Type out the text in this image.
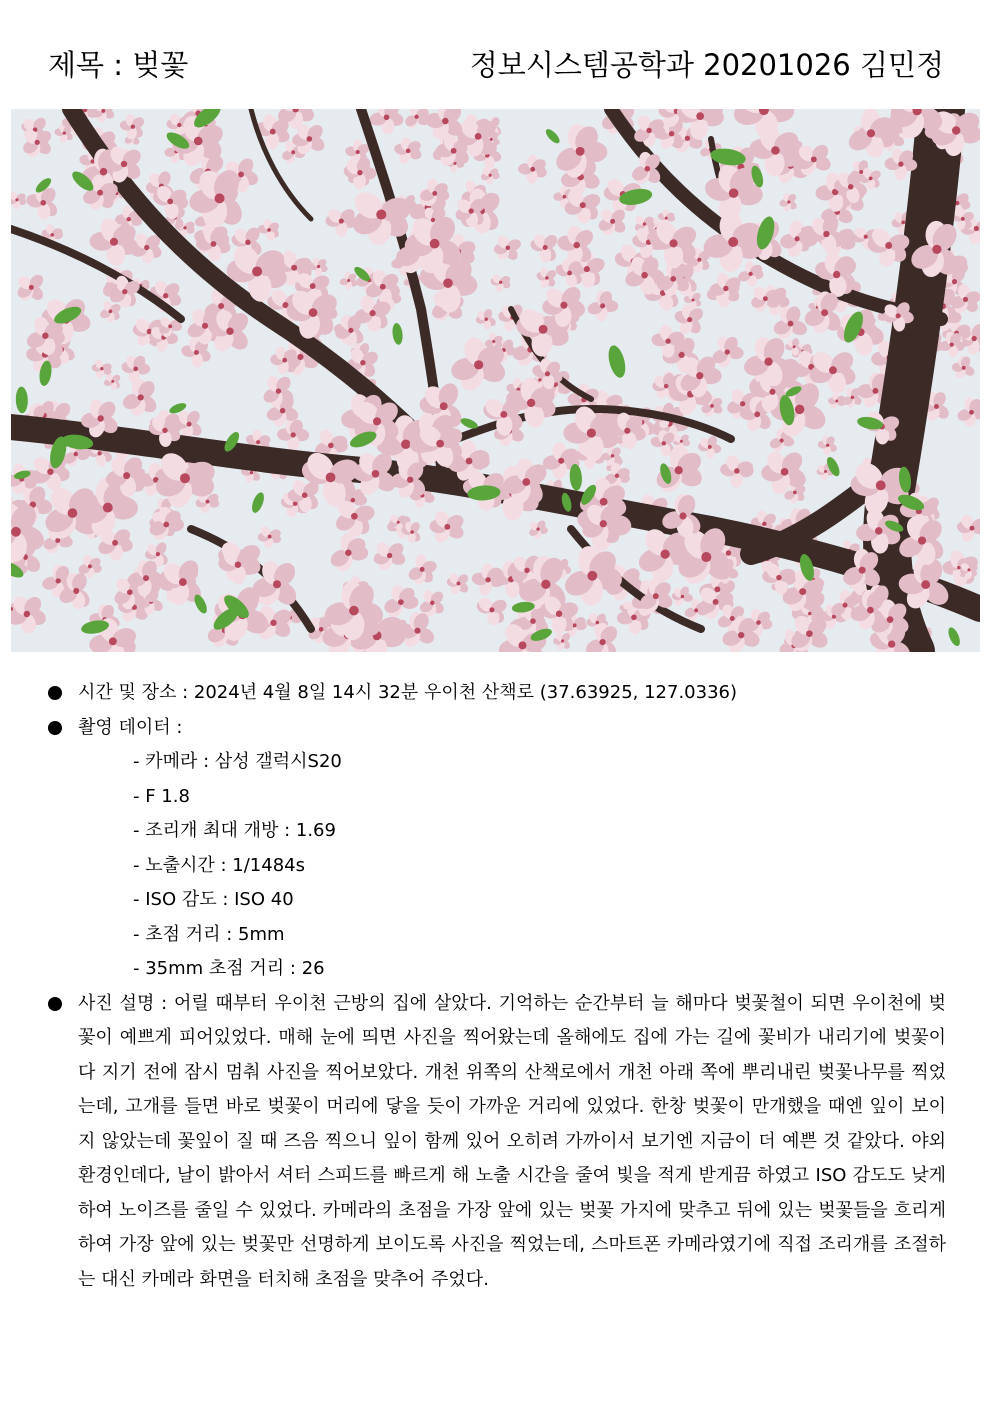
제목 : 벚꽃	정보시스템공학과 20201026 김민정
시간 및 장소 : 2024년 4월 8일 14시 32분 우이천 산책로 (37.63925, 127.0336)
촬영 데이터 :
- 카메라 : 삼성 갤럭시S20
- F 1.8
- 조리개 최대 개방 : 1.69
- 노출시간 : 1/1484s
- ISO 감도 : ISO 40
- 초점 거리 : 5mm
- 35mm 초점 거리 : 26
사진 설명 : 어릴 때부터 우이천 근방의 집에 살았다. 기억하는 순간부터 늘 해마다 벚꽃철이 되면 우이천에 벚꽃이 예쁘게 피어있었다. 매해 눈에 띄면 사진을 찍어왔는데 올해에도 집에 가는 길에 꽃비가 내리기에 벚꽃이 다 지기 전에 잠시 멈춰 사진을 찍어보았다. 개천 위쪽의 산책로에서 개천 아래 쪽에 뿌리내린 벚꽃나무를 찍었는데, 고개를 들면 바로 벚꽃이 머리에 닿을 듯이 가까운 거리에 있었다. 한창 벚꽃이 만개했을 때엔 잎이 보이지 않았는데 꽃잎이 질 때 즈음 찍으니 잎이 함께 있어 오히려 가까이서 보기엔 지금이 더 예쁜 것 같았다. 야외 환경인데다, 날이 밝아서 셔터 스피드를 빠르게 해 노출 시간을 줄여 빛을 적게 받게끔 하였고 ISO 감도도 낮게 하여 노이즈를 줄일 수 있었다. 카메라의 초점을 가장 앞에 있는 벚꽃 가지에 맞추고 뒤에 있는 벚꽃들을 흐리게 하여 가장 앞에 있는 벚꽃만 선명하게 보이도록 사진을 찍었는데, 스마트폰 카메라였기에 직접 조리개를 조절하는 대신 카메라 화면을 터치해 초점을 맞추어 주었다.
